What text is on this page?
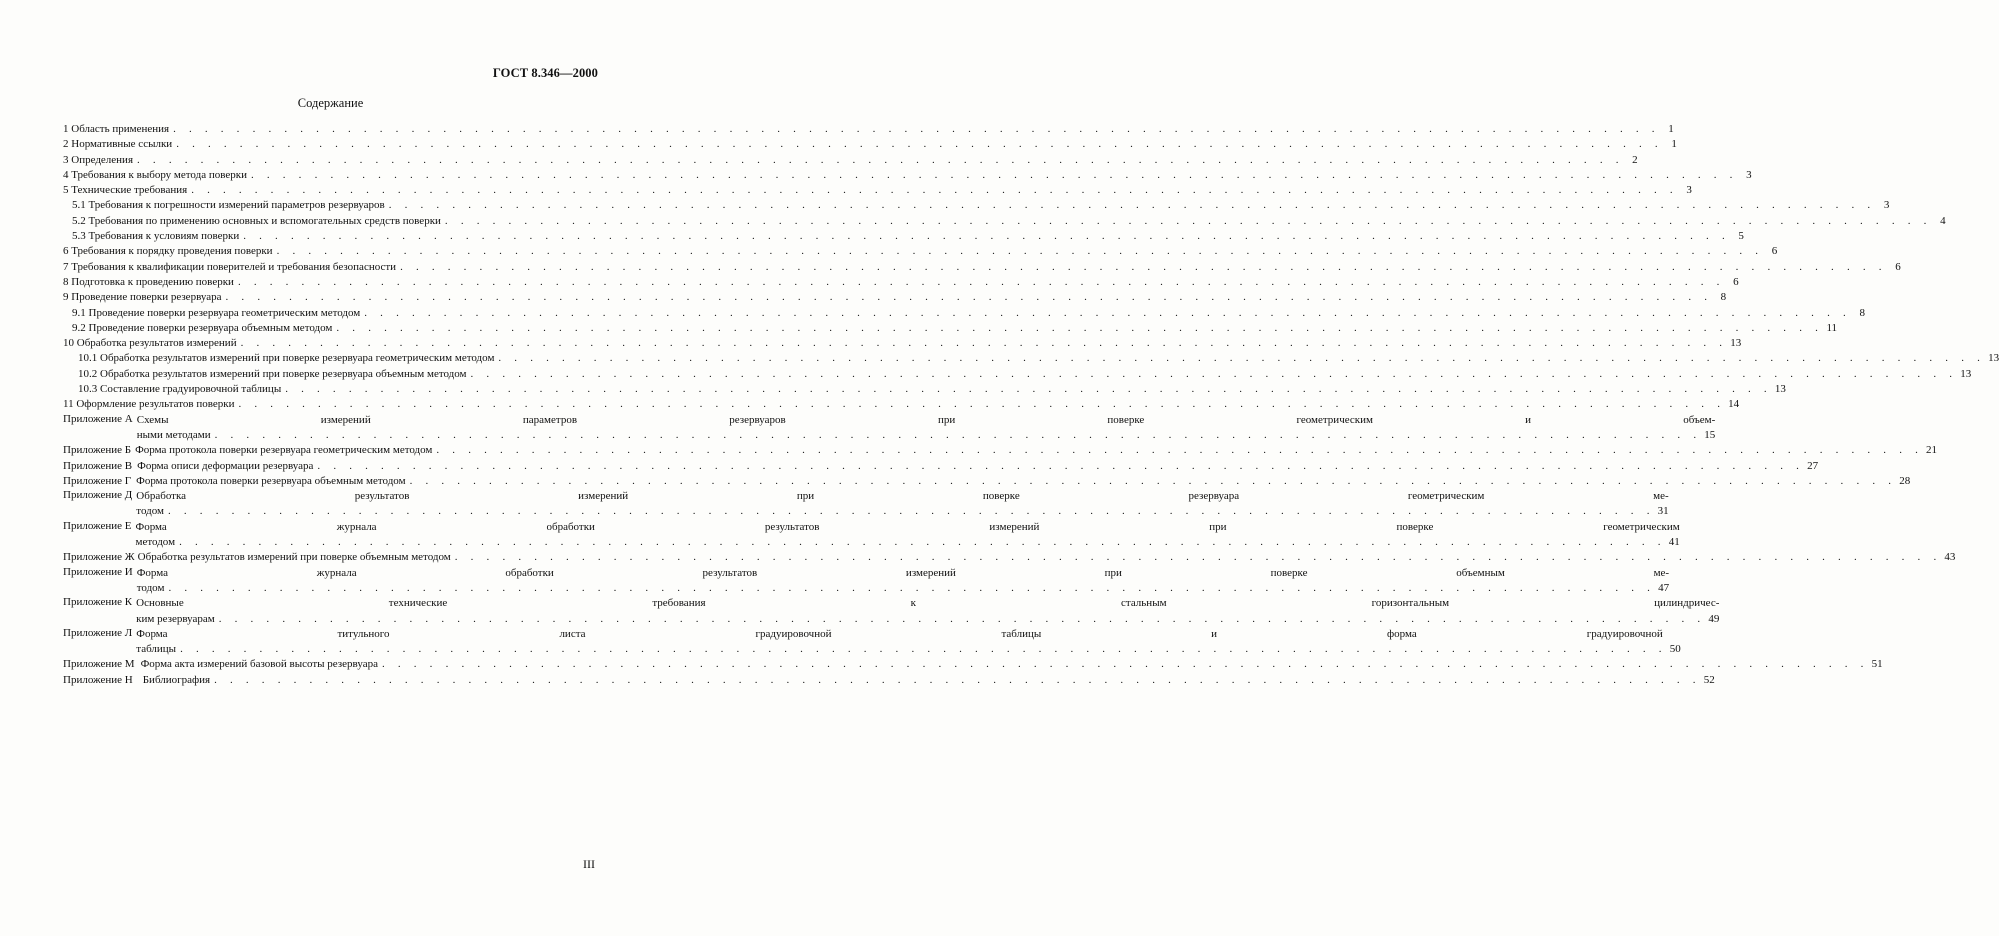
ГОСТ 8.346—2000
Содержание
1 Область применения . . . . . . . . . . . . . . . . . . . . . . . . . . . . . . . . . . . . . . . . . . . . . . . . . . . . . . . . . . . . . . . . . . . . . . . . . . . . . . . . . . . . . . . . . . . . . . 1
2 Нормативные ссылки . . . . . . . . . . . . . . . . . . . . . . . . . . . . . . . . . . . . . . . . . . . . . . . . . . . . . . . . . . . . . . . . . . . . . . . . . . . . . . . . . . . . . . . . . . . . . . 1
3 Определения . . . . . . . . . . . . . . . . . . . . . . . . . . . . . . . . . . . . . . . . . . . . . . . . . . . . . . . . . . . . . . . . . . . . . . . . . . . . . . . . . . . . . . . . . . . . . . 2
4 Требования к выбору метода поверки . . . . . . . . . . . . . . . . . . . . . . . . . . . . . . . . . . . . . . . . . . . . . . . . . . . . . . . . . . . . . . . . . . . . . . . . . . . . . . . . . . . . . . . . . . . . . . 3
5 Технические требования . . . . . . . . . . . . . . . . . . . . . . . . . . . . . . . . . . . . . . . . . . . . . . . . . . . . . . . . . . . . . . . . . . . . . . . . . . . . . . . . . . . . . . . . . . . . . . 3
5.1 Требования к погрешности измерений параметров резервуаров . . . . . . . . . . . . . . . . . . . . . . . . . . . . . . . . . . . . . . . . . . . . . . . . . . . . . . . . . . . . . . . . . . . . . . . . . . . . . . . . . . . . . . . . . . . . . . 3
5.2 Требования по применению основных и вспомогательных средств поверки . . . . . . . . . . . . . . . . . . . . . . . . . . . . . . . . . . . . . . . . . . . . . . . . . . . . . . . . . . . . . . . . . . . . . . . . . . . . . . . . . . . . . . . . . . . . . . 4
5.3 Требования к условиям поверки . . . . . . . . . . . . . . . . . . . . . . . . . . . . . . . . . . . . . . . . . . . . . . . . . . . . . . . . . . . . . . . . . . . . . . . . . . . . . . . . . . . . . . . . . . . . . . 5
6 Требования к порядку проведения поверки . . . . . . . . . . . . . . . . . . . . . . . . . . . . . . . . . . . . . . . . . . . . . . . . . . . . . . . . . . . . . . . . . . . . . . . . . . . . . . . . . . . . . . . . . . . . . . 6
7 Требования к квалификации поверителей и требования безопасности . . . . . . . . . . . . . . . . . . . . . . . . . . . . . . . . . . . . . . . . . . . . . . . . . . . . . . . . . . . . . . . . . . . . . . . . . . . . . . . . . . . . . . . . . . . . . . 6
8 Подготовка к проведению поверки . . . . . . . . . . . . . . . . . . . . . . . . . . . . . . . . . . . . . . . . . . . . . . . . . . . . . . . . . . . . . . . . . . . . . . . . . . . . . . . . . . . . . . . . . . . . . . 6
9 Проведение поверки резервуара . . . . . . . . . . . . . . . . . . . . . . . . . . . . . . . . . . . . . . . . . . . . . . . . . . . . . . . . . . . . . . . . . . . . . . . . . . . . . . . . . . . . . . . . . . . . . . 8
9.1 Проведение поверки резервуара геометрическим методом . . . . . . . . . . . . . . . . . . . . . . . . . . . . . . . . . . . . . . . . . . . . . . . . . . . . . . . . . . . . . . . . . . . . . . . . . . . . . . . . . . . . . . . . . . . . . . 8
9.2 Проведение поверки резервуара объемным методом . . . . . . . . . . . . . . . . . . . . . . . . . . . . . . . . . . . . . . . . . . . . . . . . . . . . . . . . . . . . . . . . . . . . . . . . . . . . . . . . . . . . . . . . . . . . . . 11
10 Обработка результатов измерений . . . . . . . . . . . . . . . . . . . . . . . . . . . . . . . . . . . . . . . . . . . . . . . . . . . . . . . . . . . . . . . . . . . . . . . . . . . . . . . . . . . . . . . . . . . . . . 13
10.1 Обработка результатов измерений при поверке резервуара геометрическим методом . . . . . . . . . . . . . . . . . . . . . . . . . . . . . . . . . . . . . . . . . . . . . . . . . . . . . . . . . . . . . . . . . . . . . . . . . . . . . . . . . . . . . . . . . . . . . . 13
10.2 Обработка результатов измерений при поверке резервуара объемным методом . . . . . . . . . . . . . . . . . . . . . . . . . . . . . . . . . . . . . . . . . . . . . . . . . . . . . . . . . . . . . . . . . . . . . . . . . . . . . . . . . . . . . . . . . . . . . . 13
10.3 Составление градуировочной таблицы . . . . . . . . . . . . . . . . . . . . . . . . . . . . . . . . . . . . . . . . . . . . . . . . . . . . . . . . . . . . . . . . . . . . . . . . . . . . . . . . . . . . . . . . . . . . . . 13
11 Оформление результатов поверки . . . . . . . . . . . . . . . . . . . . . . . . . . . . . . . . . . . . . . . . . . . . . . . . . . . . . . . . . . . . . . . . . . . . . . . . . . . . . . . . . . . . . . . . . . . . . . 14
Приложение А Схемы измерений параметров резервуаров при поверке геометрическим и объем-
ными методами . . . . . . . . . . . . . . . . . . . . . . . . . . . . . . . . . . . . . . . . . . . . . . . . . . . . . . . . . . . . . . . . . . . . . . . . . . . . . . . . . . . . . . . . . . . . . . 15
Приложение Б Форма протокола поверки резервуара геометрическим методом . . . . . . . . . . . . . . . . . . . . . . . . . . . . . . . . . . . . . . . . . . . . . . . . . . . . . . . . . . . . . . . . . . . . . . . . . . . . . . . . . . . . . . . . . . . . . . 21
Приложение В Форма описи деформации резервуара . . . . . . . . . . . . . . . . . . . . . . . . . . . . . . . . . . . . . . . . . . . . . . . . . . . . . . . . . . . . . . . . . . . . . . . . . . . . . . . . . . . . . . . . . . . . . . 27
Приложение Г Форма протокола поверки резервуара объемным методом . . . . . . . . . . . . . . . . . . . . . . . . . . . . . . . . . . . . . . . . . . . . . . . . . . . . . . . . . . . . . . . . . . . . . . . . . . . . . . . . . . . . . . . . . . . . . . 28
Приложение Д Обработка результатов измерений при поверке резервуара геометрическим ме-
тодом . . . . . . . . . . . . . . . . . . . . . . . . . . . . . . . . . . . . . . . . . . . . . . . . . . . . . . . . . . . . . . . . . . . . . . . . . . . . . . . . . . . . . . . . . . . . . . 31
Приложение Е Форма журнала обработки результатов измерений при поверке геометрическим
методом . . . . . . . . . . . . . . . . . . . . . . . . . . . . . . . . . . . . . . . . . . . . . . . . . . . . . . . . . . . . . . . . . . . . . . . . . . . . . . . . . . . . . . . . . . . . . . 41
Приложение Ж Обработка результатов измерений при поверке объемным методом . . . . . . . . . . . . . . . . . . . . . . . . . . . . . . . . . . . . . . . . . . . . . . . . . . . . . . . . . . . . . . . . . . . . . . . . . . . . . . . . . . . . . . . . . . . . . . 43
Приложение И Форма журнала обработки результатов измерений при поверке объемным ме-
тодом . . . . . . . . . . . . . . . . . . . . . . . . . . . . . . . . . . . . . . . . . . . . . . . . . . . . . . . . . . . . . . . . . . . . . . . . . . . . . . . . . . . . . . . . . . . . . . 47
Приложение К Основные технические требования к стальным горизонтальным цилиндричес-
ким резервуарам . . . . . . . . . . . . . . . . . . . . . . . . . . . . . . . . . . . . . . . . . . . . . . . . . . . . . . . . . . . . . . . . . . . . . . . . . . . . . . . . . . . . . . . . . . . . . . 49
Приложение Л Форма титульного листа градуировочной таблицы и форма градуировочной
таблицы . . . . . . . . . . . . . . . . . . . . . . . . . . . . . . . . . . . . . . . . . . . . . . . . . . . . . . . . . . . . . . . . . . . . . . . . . . . . . . . . . . . . . . . . . . . . . . 50
Приложение М Форма акта измерений базовой высоты резервуара . . . . . . . . . . . . . . . . . . . . . . . . . . . . . . . . . . . . . . . . . . . . . . . . . . . . . . . . . . . . . . . . . . . . . . . . . . . . . . . . . . . . . . . . . . . . . . 51
Приложение Н Библиография . . . . . . . . . . . . . . . . . . . . . . . . . . . . . . . . . . . . . . . . . . . . . . . . . . . . . . . . . . . . . . . . . . . . . . . . . . . . . . . . . . . . . . . . . . . . . . 52
III
